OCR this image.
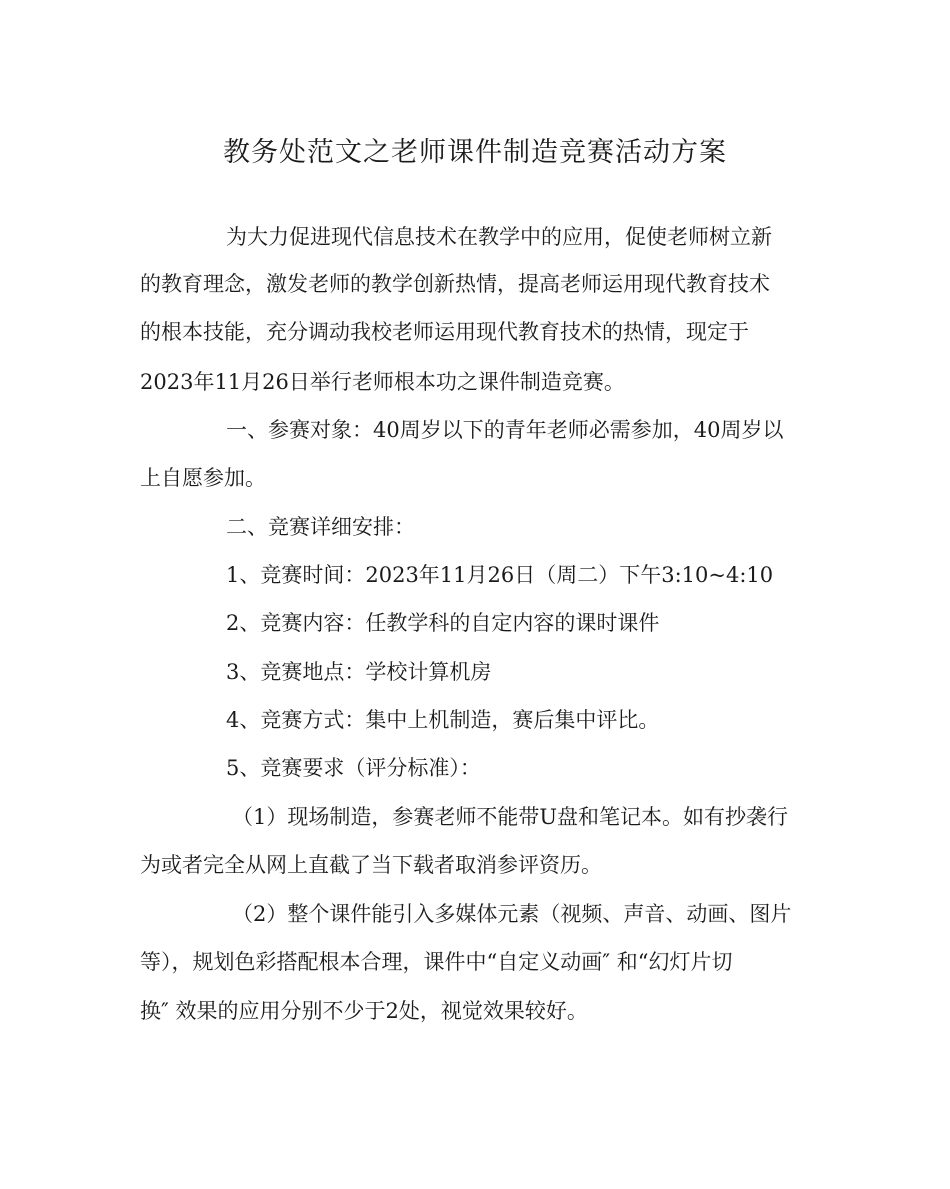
教务处范文之老师课件制造竞赛活动方案

为大力促进现代信息技术在教学中的应用，促使老师树立新

的教育理念，激发老师的教学创新热情，提高老师运用现代教育技术

的根本技能，充分调动我校老师运用现代教育技术的热情，现定于

2023年11月26日举行老师根本功之课件制造竞赛。

一、参赛对象：40周岁以下的青年老师必需参加，40周岁以

上自愿参加。

二、竞赛详细安排：

1、竞赛时间：2023年11月26日（周二）下午3:10~4:10

2、竞赛内容：任教学科的自定内容的课时课件

3、竞赛地点：学校计算机房

4、竞赛方式：集中上机制造，赛后集中评比。

5、竞赛要求（评分标准）：

（1）现场制造，参赛老师不能带U盘和笔记本。如有抄袭行

为或者完全从网上直截了当下载者取消参评资历。

（2）整个课件能引入多媒体元素（视频、声音、动画、图片

等），规划色彩搭配根本合理，课件中“自定义动画″ 和“幻灯片切

换″ 效果的应用分别不少于2处，视觉效果较好。
